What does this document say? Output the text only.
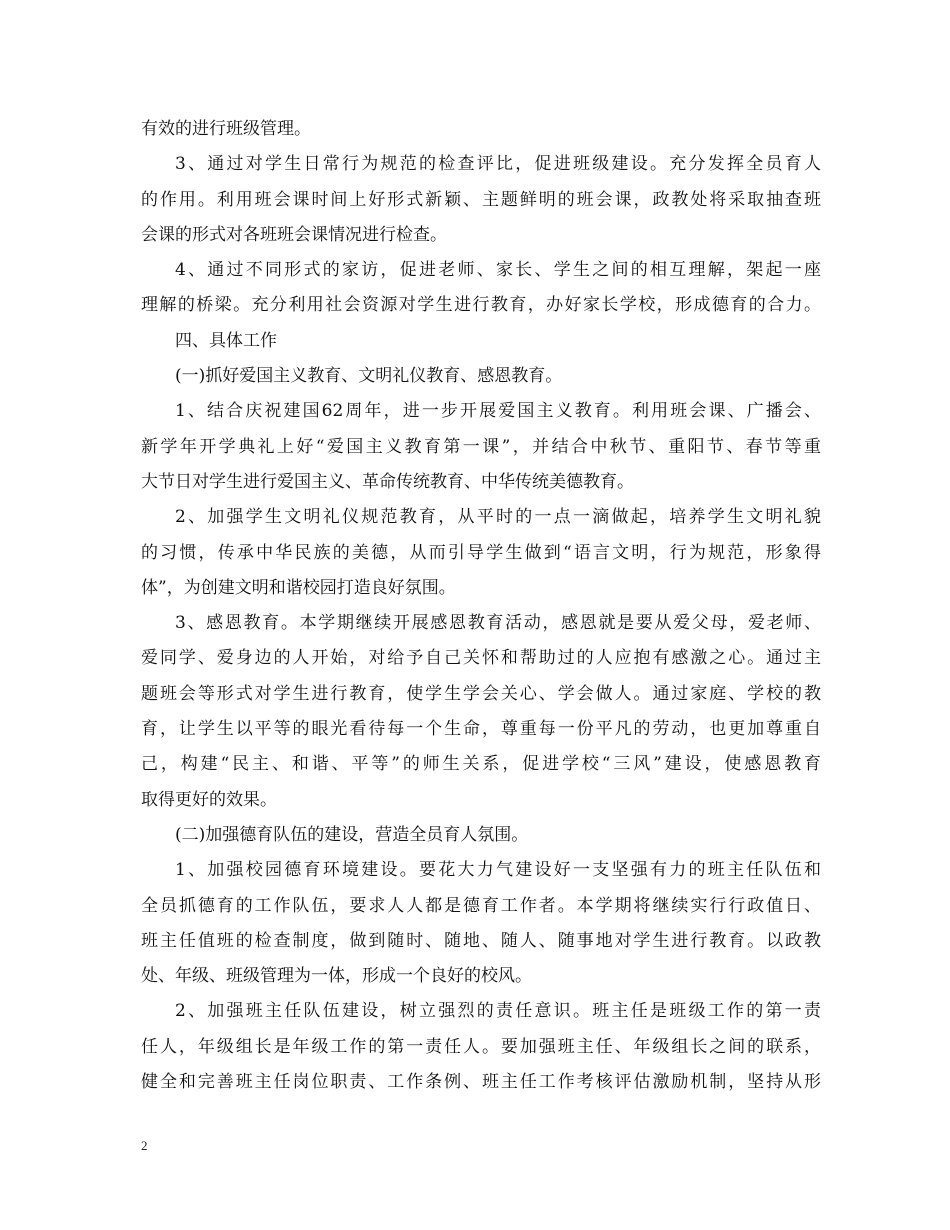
有效的进行班级管理。
3、通过对学生日常行为规范的检查评比，促进班级建设。充分发挥全员育人
的作用。利用班会课时间上好形式新颖、主题鲜明的班会课，政教处将采取抽查班
会课的形式对各班班会课情况进行检查。
4、通过不同形式的家访，促进老师、家长、学生之间的相互理解，架起一座
理解的桥梁。充分利用社会资源对学生进行教育，办好家长学校，形成德育的合力。
四、具体工作
(一)抓好爱国主义教育、文明礼仪教育、感恩教育。
1、结合庆祝建国62周年，进一步开展爱国主义教育。利用班会课、广播会、
新学年开学典礼上好“爱国主义教育第一课”，并结合中秋节、重阳节、春节等重
大节日对学生进行爱国主义、革命传统教育、中华传统美德教育。
2、加强学生文明礼仪规范教育，从平时的一点一滴做起，培养学生文明礼貌
的习惯，传承中华民族的美德，从而引导学生做到“语言文明，行为规范，形象得
体”，为创建文明和谐校园打造良好氛围。
3、感恩教育。本学期继续开展感恩教育活动，感恩就是要从爱父母，爱老师、
爱同学、爱身边的人开始，对给予自己关怀和帮助过的人应抱有感激之心。通过主
题班会等形式对学生进行教育，使学生学会关心、学会做人。通过家庭、学校的教
育，让学生以平等的眼光看待每一个生命，尊重每一份平凡的劳动，也更加尊重自
己，构建“民主、和谐、平等”的师生关系，促进学校“三风”建设，使感恩教育
取得更好的效果。
(二)加强德育队伍的建设，营造全员育人氛围。
1、加强校园德育环境建设。要花大力气建设好一支坚强有力的班主任队伍和
全员抓德育的工作队伍，要求人人都是德育工作者。本学期将继续实行行政值日、
班主任值班的检查制度，做到随时、随地、随人、随事地对学生进行教育。以政教
处、年级、班级管理为一体，形成一个良好的校风。
2、加强班主任队伍建设，树立强烈的责任意识。班主任是班级工作的第一责
任人，年级组长是年级工作的第一责任人。要加强班主任、年级组长之间的联系，
健全和完善班主任岗位职责、工作条例、班主任工作考核评估激励机制，坚持从形
2
